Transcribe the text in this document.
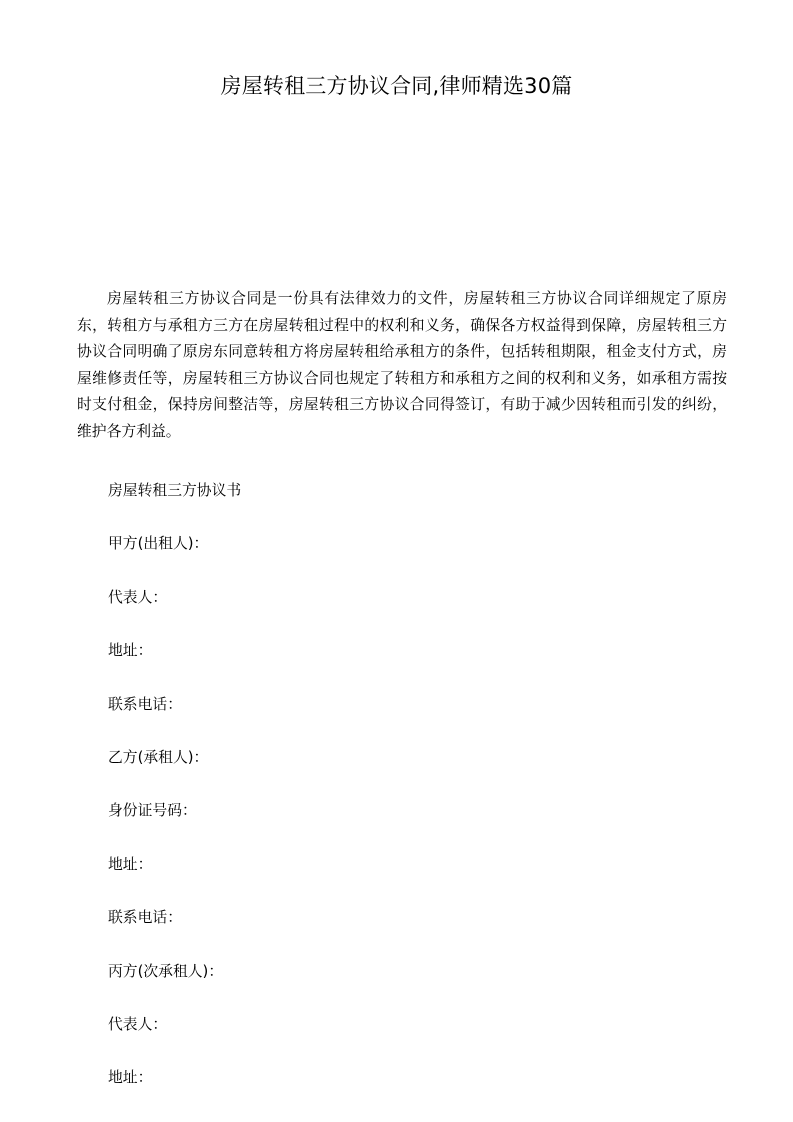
房屋转租三方协议合同,律师精选30篇

房屋转租三方协议合同是一份具有法律效力的文件，房屋转租三方协议合同详细规定了原房东，转租方与承租方三方在房屋转租过程中的权利和义务，确保各方权益得到保障，房屋转租三方协议合同明确了原房东同意转租方将房屋转租给承租方的条件，包括转租期限，租金支付方式，房屋维修责任等，房屋转租三方协议合同也规定了转租方和承租方之间的权利和义务，如承租方需按时支付租金，保持房间整洁等，房屋转租三方协议合同得签订，有助于减少因转租而引发的纠纷，维护各方利益。

房屋转租三方协议书
甲方(出租人)：
代表人：
地址：
联系电话：
乙方(承租人)：
身份证号码：
地址：
联系电话：
丙方(次承租人)：
代表人：
地址：
